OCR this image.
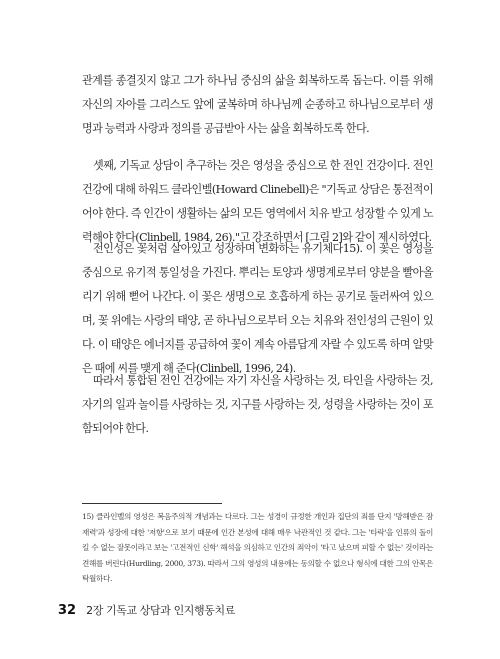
관계를 종결짓지 않고 그가 하나님 중심의 삶을 회복하도록 돕는다. 이를 위해 자신의 자아를 그리스도 앞에 굴복하며 하나님께 순종하고 하나님으로부터 생명과 능력과 사랑과 정의를 공급받아 사는 삶을 회복하도록 한다.

셋째, 기독교 상담이 추구하는 것은 영성을 중심으로 한 전인 건강이다. 전인 건강에 대해 하워드 클라인벨(Howard Clinebell)은 "기독교 상담은 통전적이어야 한다. 즉 인간이 생활하는 삶의 모든 영역에서 치유 받고 성장할 수 있게 노력해야 한다(Clinbell, 1984, 26)."고 강조하면서 [그림 2]와 같이 제시하였다.

전인성은 꽃처럼 살아있고 성장하며 변화하는 유기체다15). 이 꽃은 영성을 중심으로 유기적 통일성을 가진다. 뿌리는 토양과 생명계로부터 양분을 빨아올리기 위해 뻗어 나간다. 이 꽃은 생명으로 호흡하게 하는 공기로 둘러싸여 있으며, 꽃 위에는 사랑의 태양, 곧 하나님으로부터 오는 치유와 전인성의 근원이 있다. 이 태양은 에너지를 공급하여 꽃이 계속 아름답게 자랄 수 있도록 하며 알맞은 때에 씨를 맺게 해 준다(Clinbell, 1996, 24).

따라서 통합된 전인 건강에는 자기 자신을 사랑하는 것, 타인을 사랑하는 것, 자기의 일과 놀이를 사랑하는 것, 지구를 사랑하는 것, 성령을 사랑하는 것이 포함되어야 한다.

15) 클라인벨의 영성은 복음주의적 개념과는 다르다. 그는 성경이 규정한 개인과 집단의 죄를 단지 '망해받은 잠재력'과 성장에 대한 '저항'으로 보기 때문에 인간 본성에 대해 매우 낙관적인 것 같다. 그는 '타락'을 인류의 돌이킬 수 없는 잘못이라고 보는 '고전적인 신학' 해석을 의심하고 인간의 죄악이 '타고 났으며 피할 수 없는' 것이라는 견해를 버린다(Hurdling, 2000, 373). 따라서 그의 영성의 내용에는 동의할 수 없으나 형식에 대한 그의 안목은 탁월하다.

32 2장 기독교 상담과 인지행동치료
